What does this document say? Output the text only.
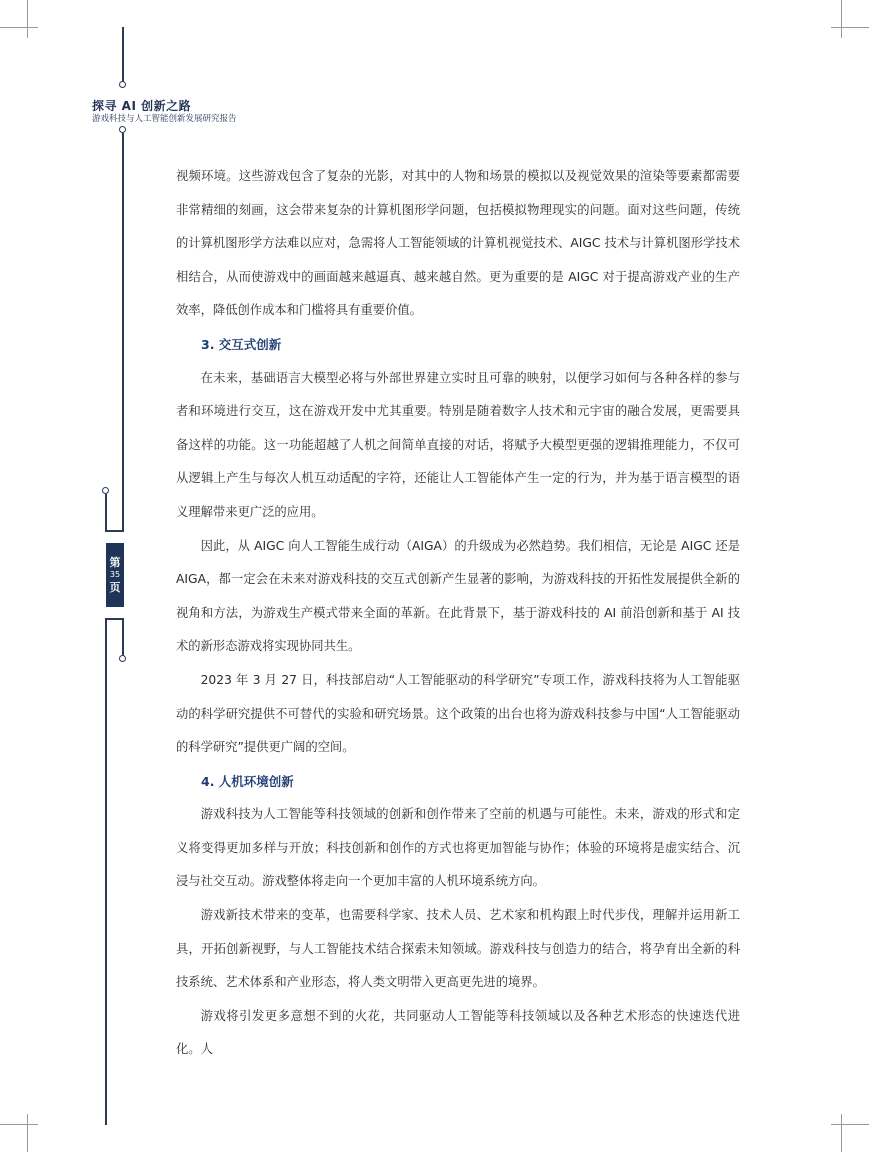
第
35
页
探寻 AI 创新之路
游戏科技与人工智能创新发展研究报告

视频环境。这些游戏包含了复杂的光影，对其中的人物和场景的模拟以及视觉效果的渲染等要素都需要非常精细的刻画，这会带来复杂的计算机图形学问题，包括模拟物理现实的问题。面对这些问题，传统的计算机图形学方法难以应对，急需将人工智能领域的计算机视觉技术、AIGC 技术与计算机图形学技术相结合，从而使游戏中的画面越来越逼真、越来越自然。更为重要的是 AIGC 对于提高游戏产业的生产效率，降低创作成本和门槛将具有重要价值。

3. 交互式创新

在未来，基础语言大模型必将与外部世界建立实时且可靠的映射，以便学习如何与各种各样的参与者和环境进行交互，这在游戏开发中尤其重要。特别是随着数字人技术和元宇宙的融合发展，更需要具备这样的功能。这一功能超越了人机之间简单直接的对话，将赋予大模型更强的逻辑推理能力，不仅可从逻辑上产生与每次人机互动适配的字符，还能让人工智能体产生一定的行为，并为基于语言模型的语义理解带来更广泛的应用。

因此，从 AIGC 向人工智能生成行动（AIGA）的升级成为必然趋势。我们相信，无论是 AIGC 还是 AIGA，都一定会在未来对游戏科技的交互式创新产生显著的影响，为游戏科技的开拓性发展提供全新的视角和方法，为游戏生产模式带来全面的革新。在此背景下，基于游戏科技的 AI 前沿创新和基于 AI 技术的新形态游戏将实现协同共生。

2023 年 3 月 27 日，科技部启动“人工智能驱动的科学研究”专项工作，游戏科技将为人工智能驱动的科学研究提供不可替代的实验和研究场景。这个政策的出台也将为游戏科技参与中国“人工智能驱动的科学研究”提供更广阔的空间。

4. 人机环境创新

游戏科技为人工智能等科技领域的创新和创作带来了空前的机遇与可能性。未来，游戏的形式和定义将变得更加多样与开放；科技创新和创作的方式也将更加智能与协作；体验的环境将是虚实结合、沉浸与社交互动。游戏整体将走向一个更加丰富的人机环境系统方向。

游戏新技术带来的变革，也需要科学家、技术人员、艺术家和机构跟上时代步伐，理解并运用新工具，开拓创新视野，与人工智能技术结合探索未知领域。游戏科技与创造力的结合，将孕育出全新的科技系统、艺术体系和产业形态，将人类文明带入更高更先进的境界。

游戏将引发更多意想不到的火花，共同驱动人工智能等科技领域以及各种艺术形态的快速迭代进化。人
